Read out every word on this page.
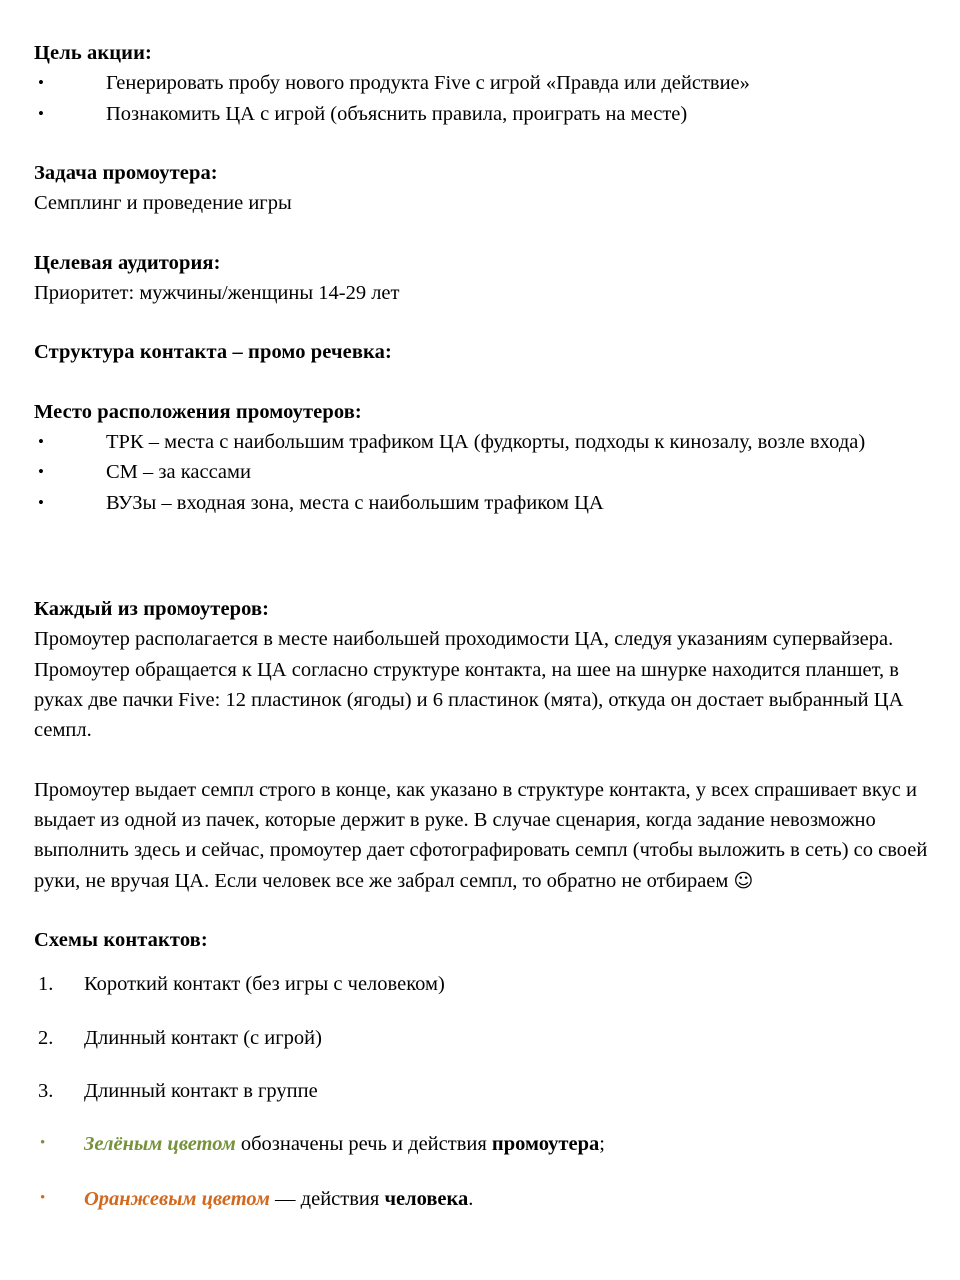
Цель акции:

•	Генерировать пробу нового продукта Five с игрой «Правда или действие»
•	Познакомить ЦА с игрой (объяснить правила, проиграть на месте)

Задача промоутера:

Семплинг и проведение игры

Целевая аудитория:

Приоритет: мужчины/женщины 14-29 лет

Структура контакта – промо речевка:

Место расположения промоутеров:

•	ТРК – места с наибольшим трафиком ЦА (фудкорты, подходы к кинозалу, возле входа)
•	СМ – за кассами
•	ВУЗы – входная зона, места с наибольшим трафиком ЦА

Каждый из промоутеров:

Промоутер располагается в месте наибольшей проходимости ЦА, следуя указаниям супервайзера.

Промоутер обращается к ЦА согласно структуре контакта, на шее на шнурке находится планшет, в руках две пачки Five: 12 пластинок (ягоды) и 6 пластинок (мята), откуда он достает выбранный ЦА семпл.

Промоутер выдает семпл строго в конце, как указано в структуре контакта, у всех спрашивает вкус и выдает из одной из пачек, которые держит в руке. В случае сценария, когда задание невозможно выполнить здесь и сейчас, промоутер дает сфотографировать семпл (чтобы выложить в сеть) со своей руки, не вручая ЦА. Если человек все же забрал семпл, то обратно не отбираем ☺

Схемы контактов:

1.	Короткий контакт (без игры с человеком)
2.	Длинный контакт (с игрой)
3.	Длинный контакт в группе
• Зелёным цветом обозначены речь и действия промоутера;
• Оранжевым цветом — действия человека.
